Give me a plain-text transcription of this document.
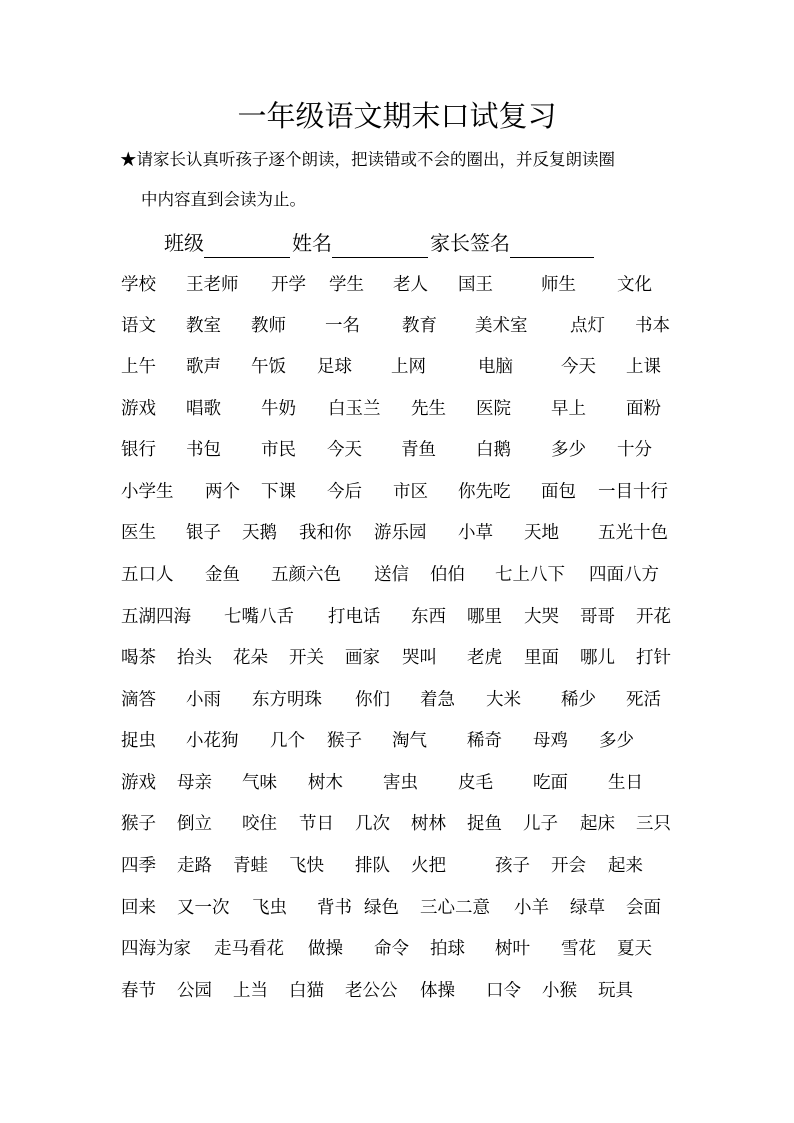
一年级语文期末口试复习
★请家长认真听孩子逐个朗读，把读错或不会的圈出，并反复朗读圈
中内容直到会读为止。
班级	姓名	家长签名
学校 王老师 开学 学生 老人 国王	师生 文化
语文 教室 教师 一名 教育 美术室 点灯 书本
上午 歌声 午饭 足球 上网	电脑	今天 上课
游戏 唱歌 牛奶 白玉兰 先生 医院 早上 面粉
银行 书包 市民 今天 青鱼 白鹅 多少 十分
小学生 两个 下课 今后 市区 你先吃 面包 一目十行
医生 银子 天鹅 我和你 游乐园 小草 天地 五光十色
五口人 金鱼 五颜六色 送信 伯伯 七上八下 四面八方
五湖四海 七嘴八舌 打电话 东西 哪里 大哭 哥哥 开花
喝茶 抬头 花朵 开关 画家 哭叫 老虎 里面 哪儿 打针
滴答 小雨 东方明珠 你们 着急 大米 稀少 死活
捉虫 小花狗 几个 猴子 淘气 稀奇 母鸡 多少
游戏 母亲 气味 树木 害虫 皮毛 吃面 生日
猴子 倒立 咬住 节日 几次 树林 捉鱼 儿子 起床 三只
四季 走路 青蛙 飞快 排队 火把	孩子 开会 起来
回来 又一次 飞虫 背书 绿色 三心二意 小羊 绿草 会面
四海为家 走马看花 做操 命令 拍球 树叶 雪花 夏天
春节 公园 上当 白猫 老公公 体操 口令 小猴 玩具
